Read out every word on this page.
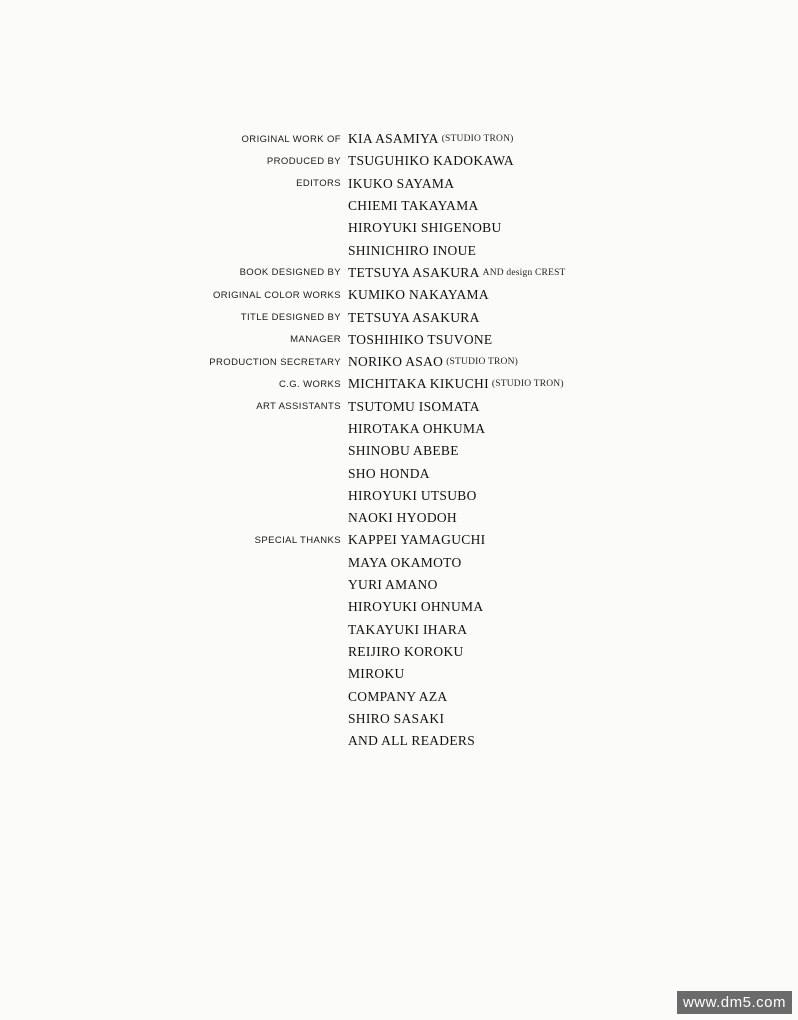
ORIGINAL WORK OF KIA ASAMIYA (STUDIO TRON)
PRODUCED BY TSUGUHIKO KADOKAWA
EDITORS IKUKO SAYAMA
CHIEMI TAKAYAMA
HIROYUKI SHIGENOBU
SHINICHIRO INOUE
BOOK DESIGNED BY TETSUYA ASAKURA AND design CREST
ORIGINAL COLOR WORKS KUMIKO NAKAYAMA
TITLE DESIGNED BY TETSUYA ASAKURA
MANAGER TOSHIHIKO TSUVONE
PRODUCTION SECRETARY NORIKO ASAO (STUDIO TRON)
C.G. WORKS MICHITAKA KIKUCHI (STUDIO TRON)
ART ASSISTANTS TSUTOMU ISOMATA
HIROTAKA OHKUMA
SHINOBU ABEBE
SHO HONDA
HIROYUKI UTSUBO
NAOKI HYODOH
SPECIAL THANKS KAPPEI YAMAGUCHI
MAYA OKAMOTO
YURI AMANO
HIROYUKI OHNUMA
TAKAYUKI IHARA
REIJIRO KOROKU
MIROKU
COMPANY AZA
SHIRO SASAKI
AND ALL READERS
www.dm5.com
